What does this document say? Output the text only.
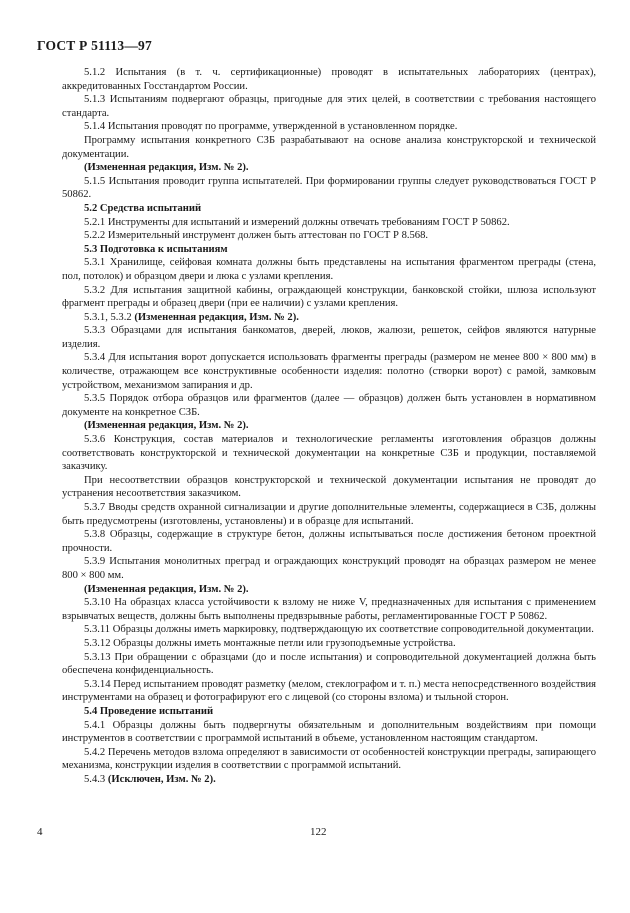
ГОСТ Р 51113—97

5.1.2 Испытания (в т. ч. сертификационные) проводят в испытательных лабораториях (центрах), аккредитованных Госстандартом России.

5.1.3 Испытаниям подвергают образцы, пригодные для этих целей, в соответствии с требования настоящего стандарта.

5.1.4 Испытания проводят по программе, утвержденной в установленном порядке.

Программу испытания конкретного СЗБ разрабатывают на основе анализа конструкторской и технической документации.

(Измененная редакция, Изм. № 2).

5.1.5 Испытания проводит группа испытателей. При формировании группы следует руководствоваться ГОСТ Р 50862.

5.2 Средства испытаний

5.2.1 Инструменты для испытаний и измерений должны отвечать требованиям ГОСТ Р 50862.

5.2.2 Измерительный инструмент должен быть аттестован по ГОСТ Р 8.568.

5.3 Подготовка к испытаниям

5.3.1 Хранилище, сейфовая комната должны быть представлены на испытания фрагментом преграды (стена, пол, потолок) и образцом двери и люка с узлами крепления.

5.3.2 Для испытания защитной кабины, ограждающей конструкции, банковской стойки, шлюза используют фрагмент преграды и образец двери (при ее наличии) с узлами крепления.

5.3.1, 5.3.2 (Измененная редакция, Изм. № 2).

5.3.3 Образцами для испытания банкоматов, дверей, люков, жалюзи, решеток, сейфов являются натурные изделия.

5.3.4 Для испытания ворот допускается использовать фрагменты преграды (размером не менее 800 × 800 мм) в количестве, отражающем все конструктивные особенности изделия: полотно (створки ворот) с рамой, замковым устройством, механизмом запирания и др.

5.3.5 Порядок отбора образцов или фрагментов (далее — образцов) должен быть установлен в нормативном документе на конкретное СЗБ.

(Измененная редакция, Изм. № 2).

5.3.6 Конструкция, состав материалов и технологические регламенты изготовления образцов должны соответствовать конструкторской и технической документации на конкретные СЗБ и продукции, поставляемой заказчику.

При несоответствии образцов конструкторской и технической документации испытания не проводят до устранения несоответствия заказчиком.

5.3.7 Вводы средств охранной сигнализации и другие дополнительные элементы, содержащиеся в СЗБ, должны быть предусмотрены (изготовлены, установлены) и в образце для испытаний.

5.3.8 Образцы, содержащие в структуре бетон, должны испытываться после достижения бетоном проектной прочности.

5.3.9 Испытания монолитных преград и ограждающих конструкций проводят на образцах размером не менее 800 × 800 мм.

(Измененная редакция, Изм. № 2).

5.3.10 На образцах класса устойчивости к взлому не ниже V, предназначенных для испытания с применением взрывчатых веществ, должны быть выполнены предвзрывные работы, регламентированные ГОСТ Р 50862.

5.3.11 Образцы должны иметь маркировку, подтверждающую их соответствие сопроводительной документации.

5.3.12 Образцы должны иметь монтажные петли или грузоподъемные устройства.

5.3.13 При обращении с образцами (до и после испытания) и сопроводительной документацией должна быть обеспечена конфиденциальность.

5.3.14 Перед испытанием проводят разметку (мелом, стеклографом и т. п.) места непосредственного воздействия инструментами на образец и фотографируют его с лицевой (со стороны взлома) и тыльной сторон.

5.4 Проведение испытаний

5.4.1 Образцы должны быть подвергнуты обязательным и дополнительным воздействиям при помощи инструментов в соответствии с программой испытаний в объеме, установленном настоящим стандартом.

5.4.2 Перечень методов взлома определяют в зависимости от особенностей конструкции преграды, запирающего механизма, конструкции изделия в соответствии с программой испытаний.

5.4.3 (Исключен, Изм. № 2).

4	122
